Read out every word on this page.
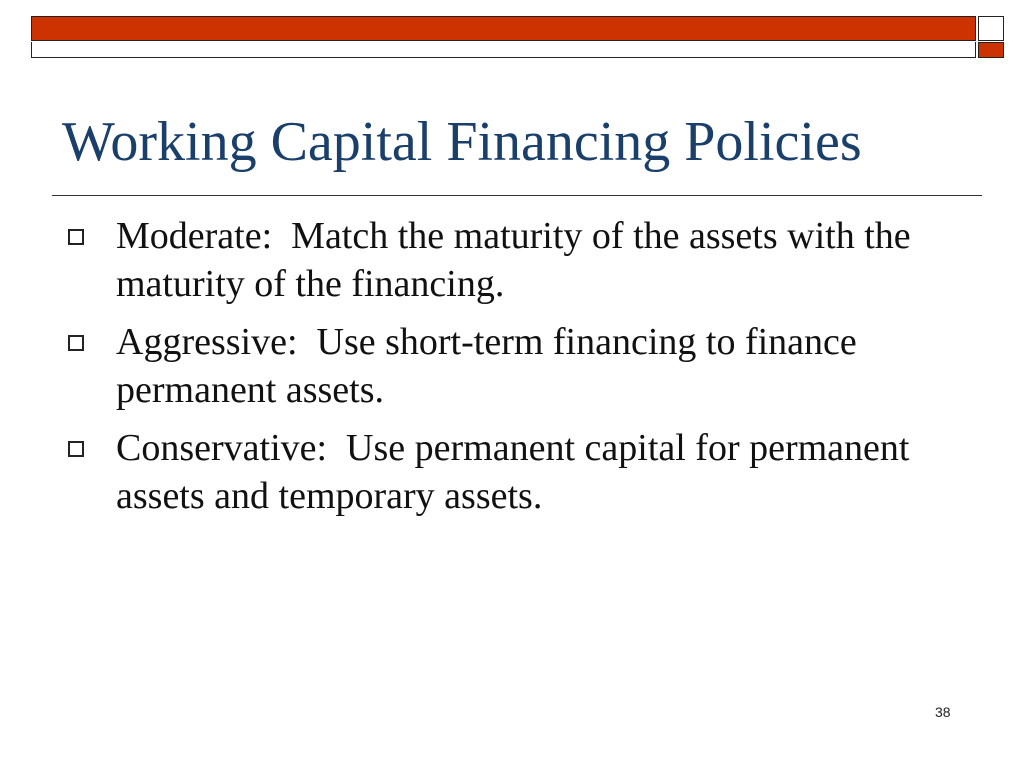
Working Capital Financing Policies
Moderate:  Match the maturity of the assets with the maturity of the financing.
Aggressive:  Use short-term financing to finance permanent assets.
Conservative:  Use permanent capital for permanent assets and temporary assets.
38
